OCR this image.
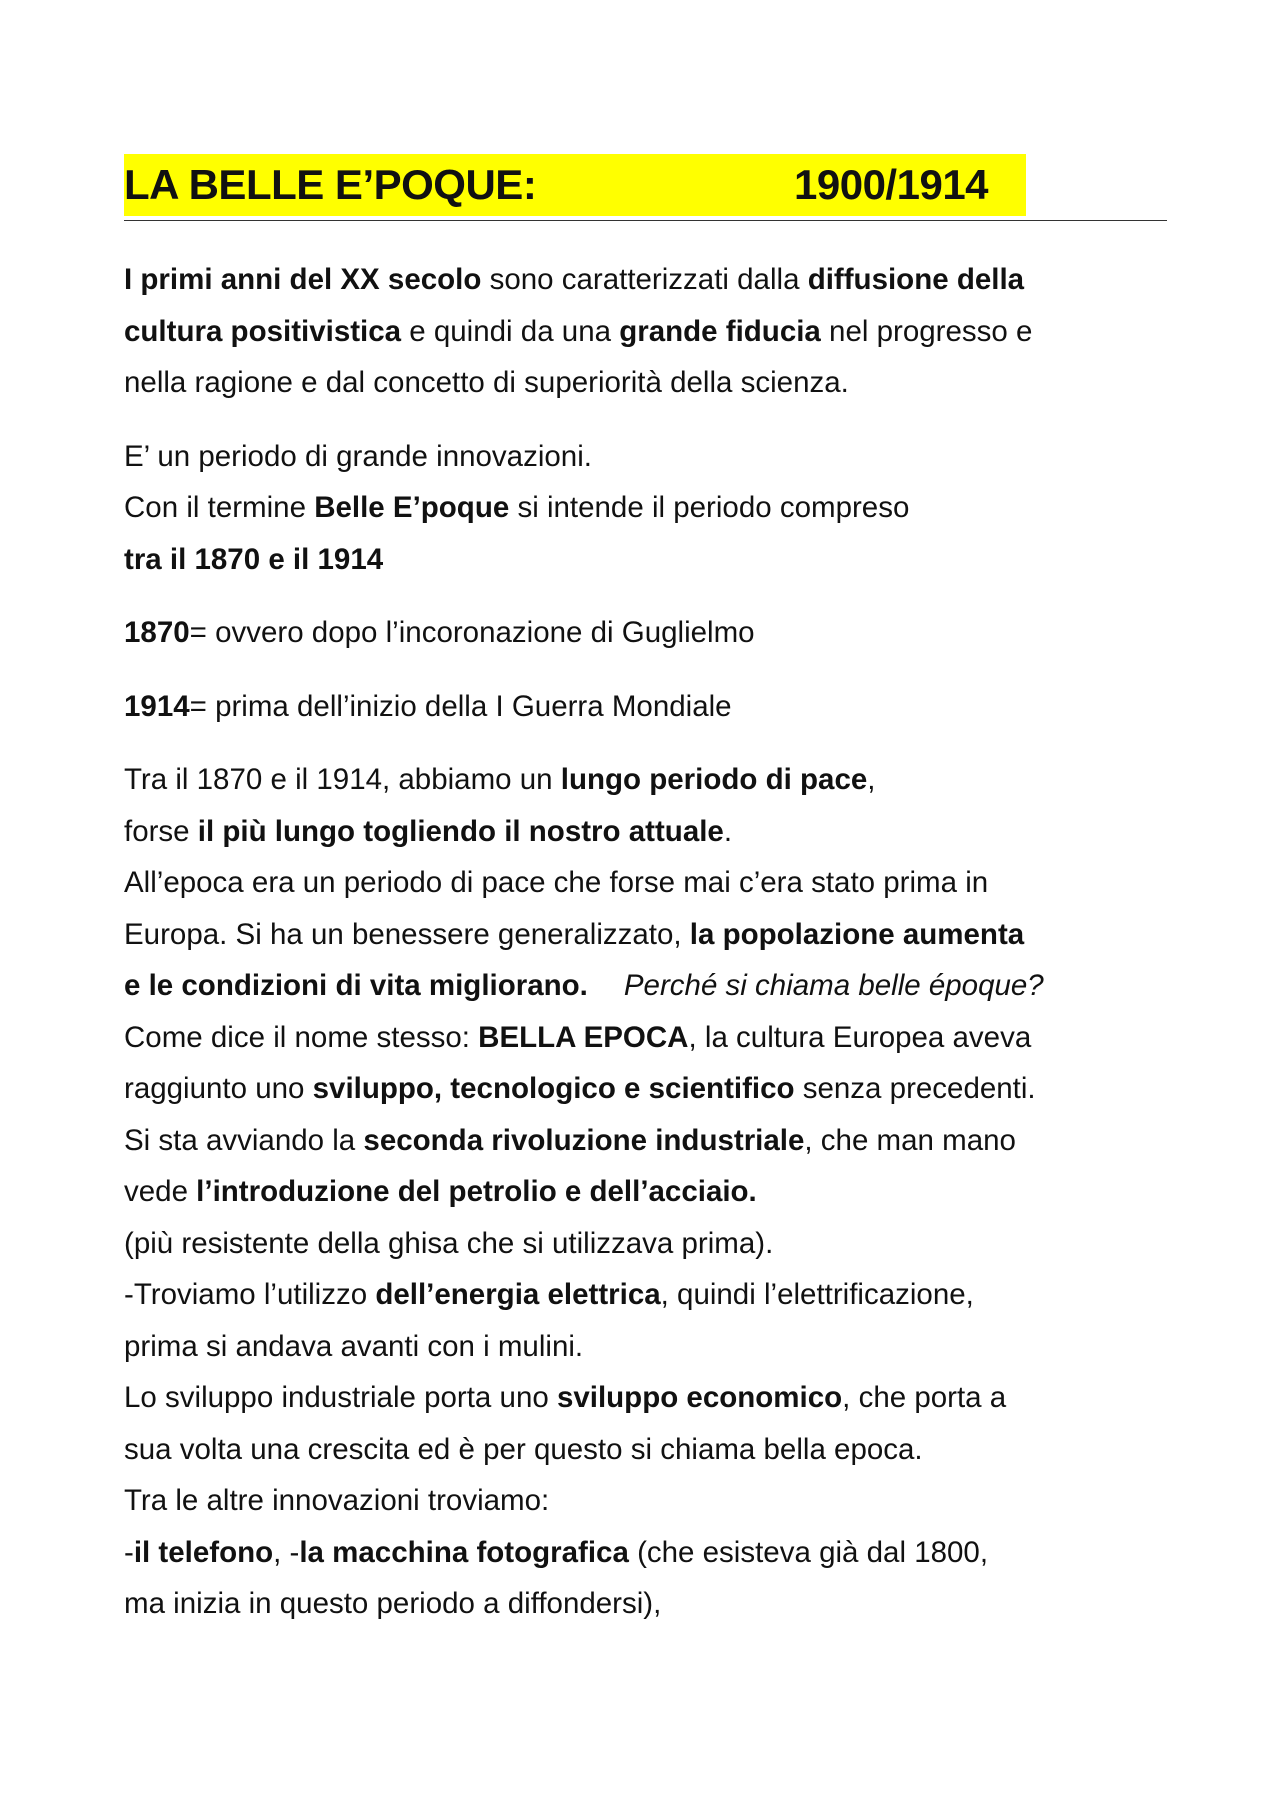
LA BELLE E’POQUE:	1900/1914

I primi anni del XX secolo sono caratterizzati dalla diffusione della
cultura positivistica e quindi da una grande fiducia nel progresso e
nella ragione e dal concetto di superiorità della scienza.

E’ un periodo di grande innovazioni.
Con il termine Belle E’poque si intende il periodo compreso
tra il 1870 e il 1914

1870= ovvero dopo l’incoronazione di Guglielmo

1914= prima dell’inizio della I Guerra Mondiale

Tra il 1870 e il 1914, abbiamo un lungo periodo di pace,
forse il più lungo togliendo il nostro attuale.
All’epoca era un periodo di pace che forse mai c’era stato prima in
Europa. Si ha un benessere generalizzato, la popolazione aumenta
e le condizioni di vita migliorano. Perché si chiama belle époque?
Come dice il nome stesso: BELLA EPOCA, la cultura Europea aveva
raggiunto uno sviluppo, tecnologico e scientifico senza precedenti.
Si sta avviando la seconda rivoluzione industriale, che man mano
vede l’introduzione del petrolio e dell’acciaio.
(più resistente della ghisa che si utilizzava prima).
-Troviamo l’utilizzo dell’energia elettrica, quindi l’elettrificazione,
prima si andava avanti con i mulini.
Lo sviluppo industriale porta uno sviluppo economico, che porta a
sua volta una crescita ed è per questo si chiama bella epoca.
Tra le altre innovazioni troviamo:
-il telefono, -la macchina fotografica (che esisteva già dal 1800,
ma inizia in questo periodo a diffondersi),
